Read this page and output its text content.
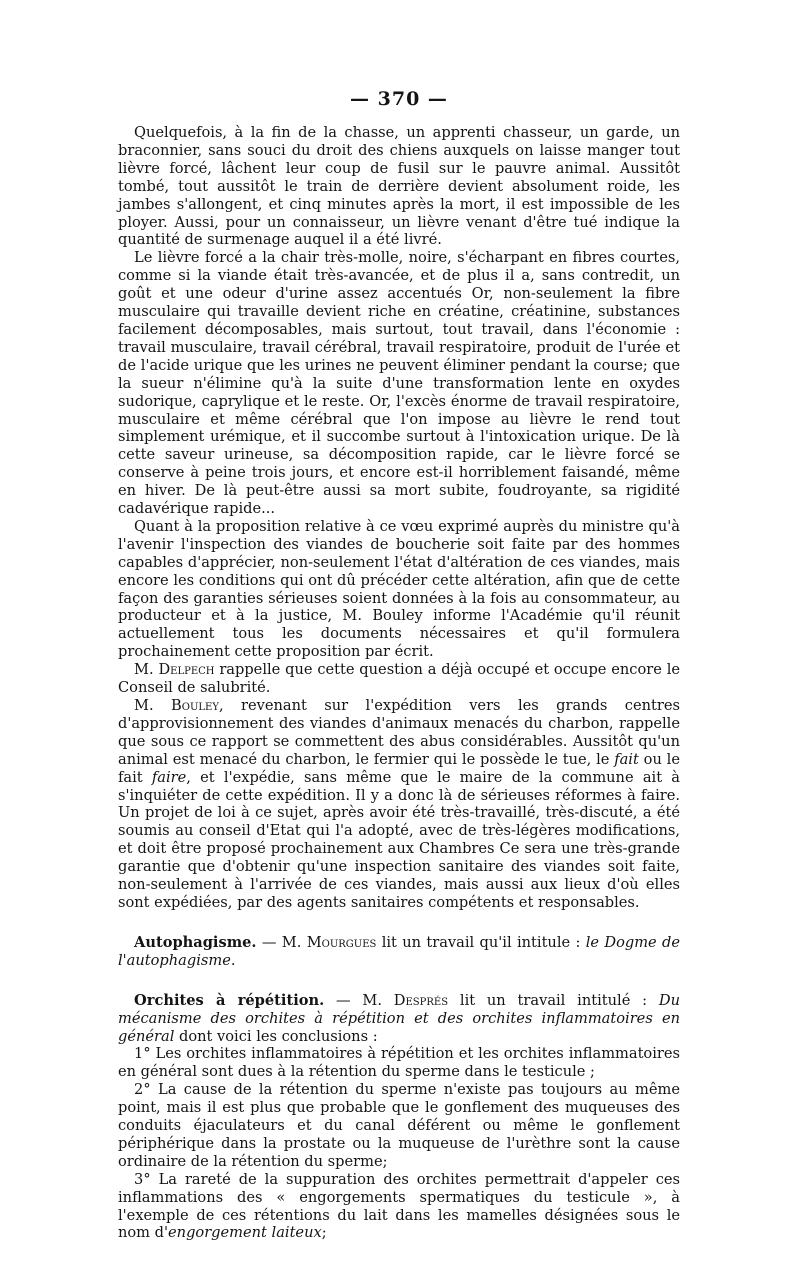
— 370 —

Quelquefois, à la fin de la chasse, un apprenti chasseur, un garde, un braconnier, sans souci du droit des chiens auxquels on laisse manger tout lièvre forcé, lâchent leur coup de fusil sur le pauvre animal. Aussitôt tombé, tout aussitôt le train de derrière devient absolument roide, les jambes s'allongent, et cinq minutes après la mort, il est impossible de les ployer. Aussi, pour un connaisseur, un lièvre venant d'être tué indique la quantité de surmenage auquel il a été livré.

Le lièvre forcé a la chair très-molle, noire, s'écharpant en fibres courtes, comme si la viande était très-avancée, et de plus il a, sans contredit, un goût et une odeur d'urine assez accentués Or, non-seulement la fibre musculaire qui travaille devient riche en créatine, créatinine, substances facilement décomposables, mais surtout, tout travail, dans l'économie : travail musculaire, travail cérébral, travail respiratoire, produit de l'urée et de l'acide urique que les urines ne peuvent éliminer pendant la course; que la sueur n'élimine qu'à la suite d'une transformation lente en oxydes sudorique, caprylique et le reste. Or, l'excès énorme de travail respiratoire, musculaire et même cérébral que l'on impose au lièvre le rend tout simplement urémique, et il succombe surtout à l'intoxication urique. De là cette saveur urineuse, sa décomposition rapide, car le lièvre forcé se conserve à peine trois jours, et encore est-il horriblement faisandé, même en hiver. De là peut-être aussi sa mort subite, foudroyante, sa rigidité cadavérique rapide...

Quant à la proposition relative à ce vœu exprimé auprès du ministre qu'à l'avenir l'inspection des viandes de boucherie soit faite par des hommes capables d'apprécier, non-seulement l'état d'altération de ces viandes, mais encore les conditions qui ont dû précéder cette altération, afin que de cette façon des garanties sérieuses soient données à la fois au consommateur, au producteur et à la justice, M. Bouley informe l'Académie qu'il réunit actuellement tous les documents nécessaires et qu'il formulera prochainement cette proposition par écrit.

M. Delpech rappelle que cette question a déjà occupé et occupe encore le Conseil de salubrité.

M. Bouley, revenant sur l'expédition vers les grands centres d'approvisionnement des viandes d'animaux menacés du charbon, rappelle que sous ce rapport se commettent des abus considérables. Aussitôt qu'un animal est menacé du charbon, le fermier qui le possède le tue, le fait ou le fait faire, et l'expédie, sans même que le maire de la commune ait à s'inquiéter de cette expédition. Il y a donc là de sérieuses réformes à faire. Un projet de loi à ce sujet, après avoir été très-travaillé, très-discuté, a été soumis au conseil d'Etat qui l'a adopté, avec de très-légères modifications, et doit être proposé prochainement aux Chambres Ce sera une très-grande garantie que d'obtenir qu'une inspection sanitaire des viandes soit faite, non-seulement à l'arrivée de ces viandes, mais aussi aux lieux d'où elles sont expédiées, par des agents sanitaires compétents et responsables.

Autophagisme. — M. Mourgues lit un travail qu'il intitule : le Dogme de l'autophagisme.

Orchites à répétition. — M. Després lit un travail intitulé : Du mécanisme des orchites à répétition et des orchites inflammatoires en général dont voici les conclusions :

1° Les orchites inflammatoires à répétition et les orchites inflammatoires en général sont dues à la rétention du sperme dans le testicule ;

2° La cause de la rétention du sperme n'existe pas toujours au même point, mais il est plus que probable que le gonflement des muqueuses des conduits éjaculateurs et du canal déférent ou même le gonflement périphérique dans la prostate ou la muqueuse de l'urèthre sont la cause ordinaire de la rétention du sperme;

3° La rareté de la suppuration des orchites permettrait d'appeler ces inflammations des « engorgements spermatiques du testicule », à l'exemple de ces rétentions du lait dans les mamelles désignées sous le nom d'engorgement laiteux;
